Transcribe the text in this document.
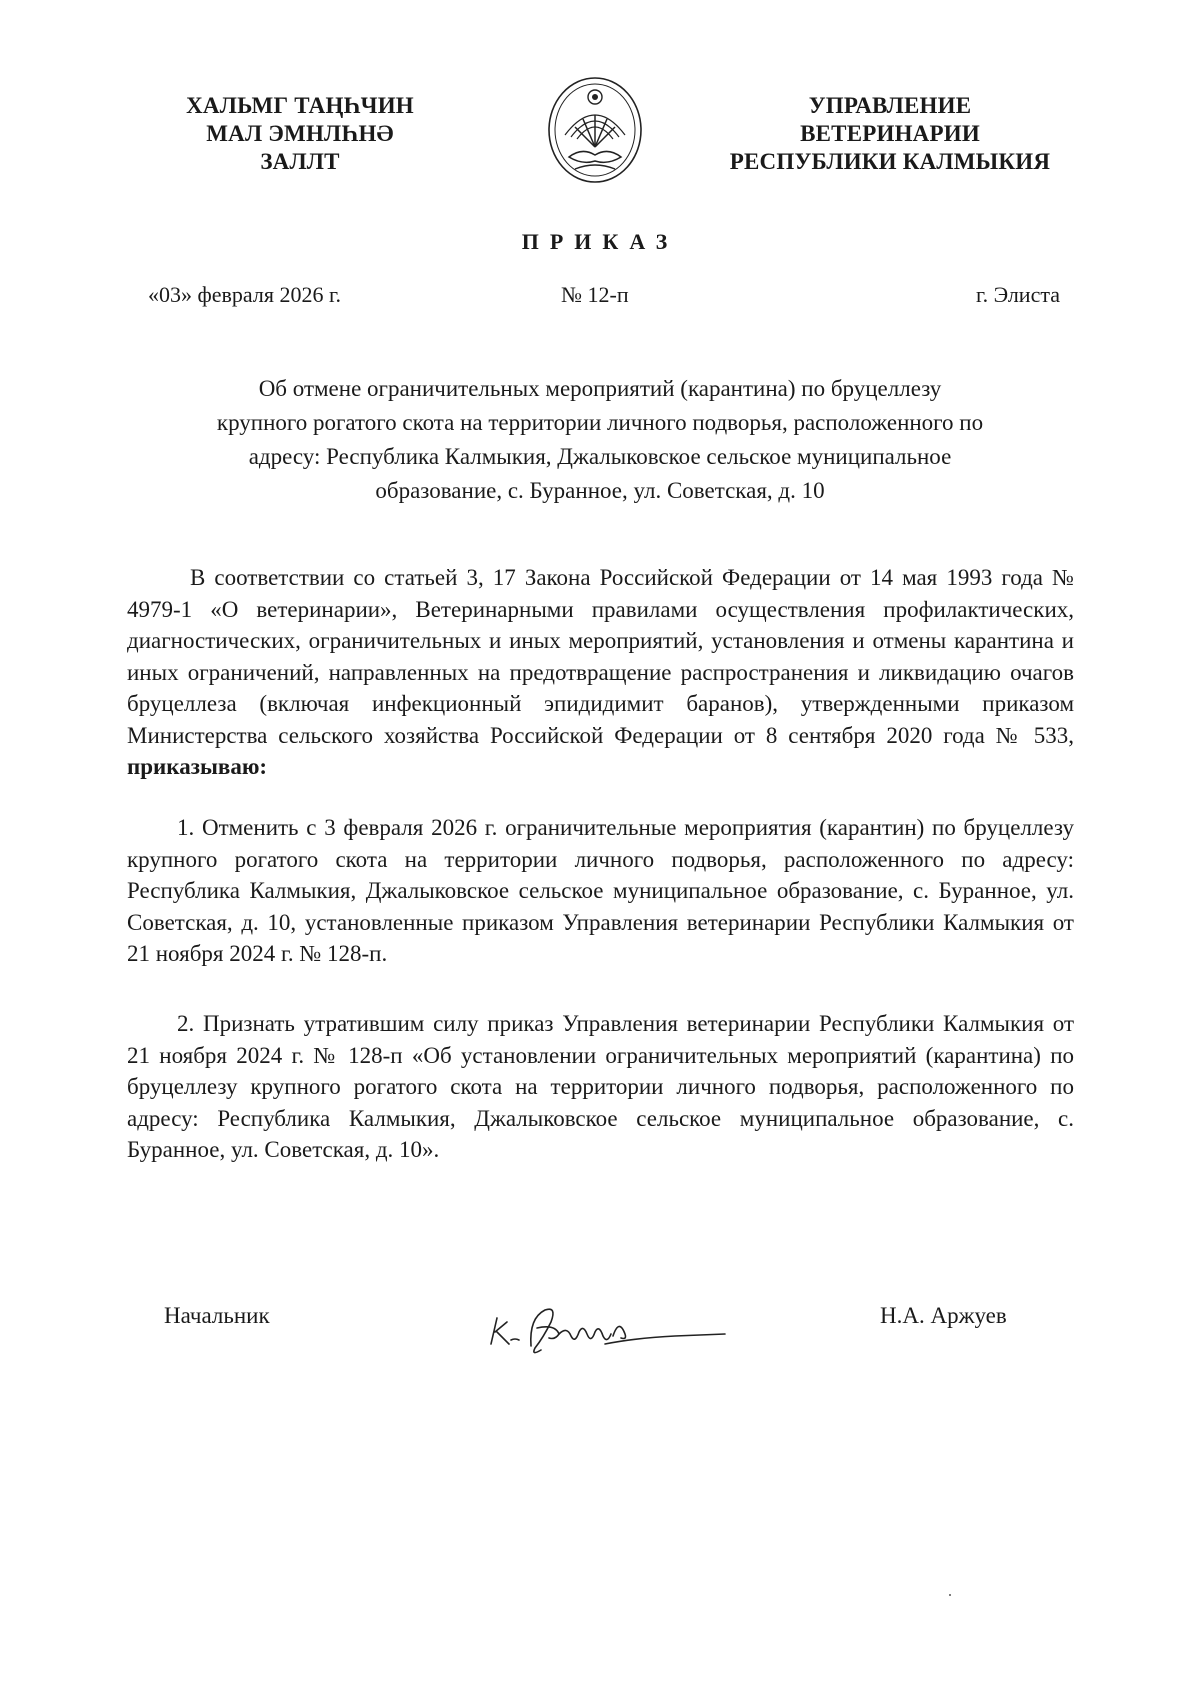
ХАЛЬМГ ТАҢҺЧИН
МАЛ ЭМНЛҺНӘ
ЗАЛЛТ
УПРАВЛЕНИЕ
ВЕТЕРИНАРИИ
РЕСПУБЛИКИ КАЛМЫКИЯ
ПРИКАЗ
«03» февраля 2026 г.	№ 12-п	г. Элиста
Об отмене ограничительных мероприятий (карантина) по бруцеллезу
крупного рогатого скота на территории личного подворья, расположенного по
адресу: Республика Калмыкия, Джалыковское сельское муниципальное
образование, с. Буранное, ул. Советская, д. 10

В соответствии со статьей 3, 17 Закона Российской Федерации от 14 мая 1993 года № 4979-1 «О ветеринарии», Ветеринарными правилами осуществления профилактических, диагностических, ограничительных и иных мероприятий, установления и отмены карантина и иных ограничений, направленных на предотвращение распространения и ликвидацию очагов бруцеллеза (включая инфекционный эпидидимит баранов), утвержденными приказом Министерства сельского хозяйства Российской Федерации от 8 сентября 2020 года № 533, приказываю:

1. Отменить с 3 февраля 2026 г. ограничительные мероприятия (карантин) по бруцеллезу крупного рогатого скота на территории личного подворья, расположенного по адресу: Республика Калмыкия, Джалыковское сельское муниципальное образование, с. Буранное, ул. Советская, д. 10, установленные приказом Управления ветеринарии Республики Калмыкия от 21 ноября 2024 г. № 128-п.

2. Признать утратившим силу приказ Управления ветеринарии Республики Калмыкия от 21 ноября 2024 г. № 128-п «Об установлении ограничительных мероприятий (карантина) по бруцеллезу крупного рогатого скота на территории личного подворья, расположенного по адресу: Республика Калмыкия, Джалыковское сельское муниципальное образование, с. Буранное, ул. Советская, д. 10».

Начальник	Н.А. Аржуев
